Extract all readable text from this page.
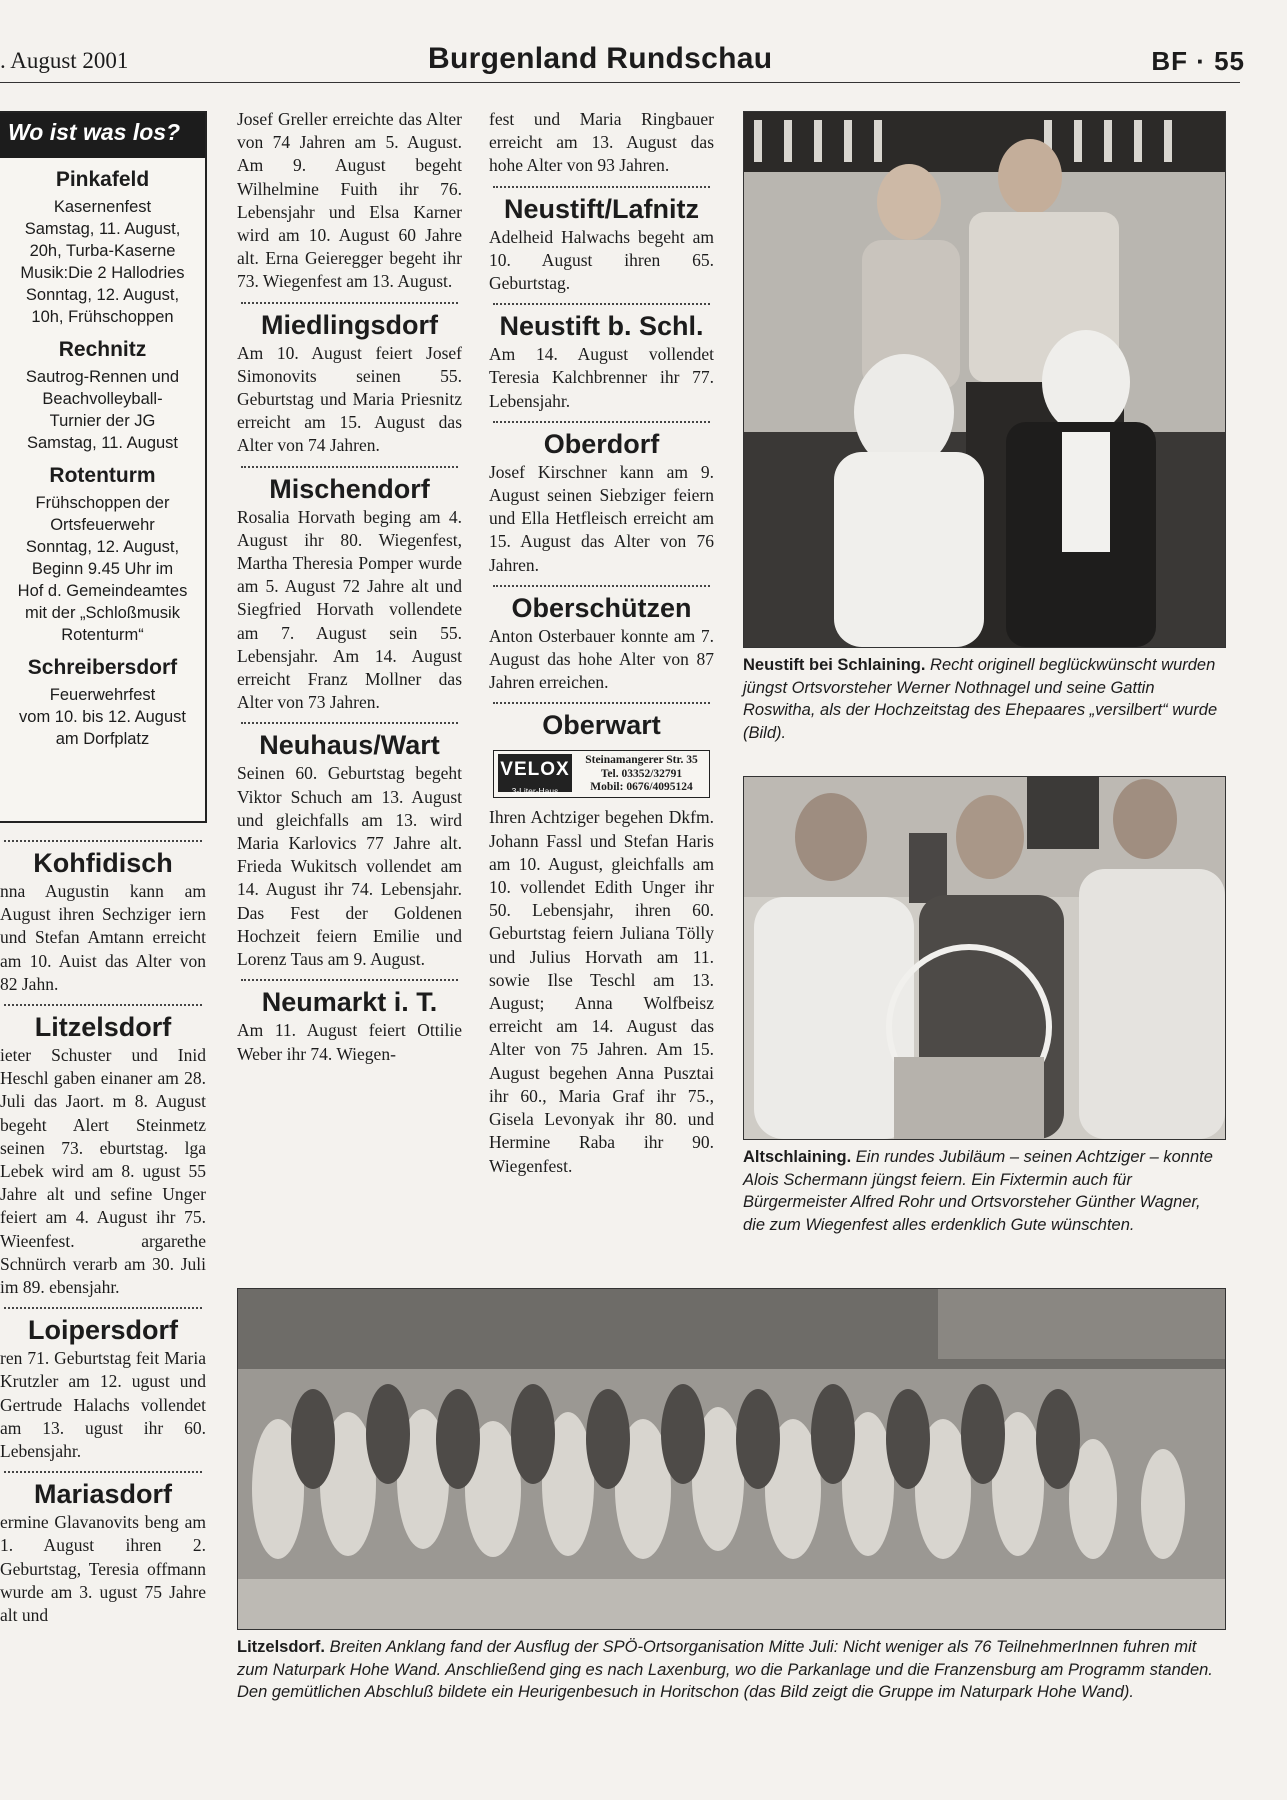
. August 2001	Burgenland Rundschau	BF · 55
Wo ist was los?
Pinkafeld
Kasernenfest
Samstag, 11. August,
20h, Turba-Kaserne
Musik:Die 2 Hallodries
Sonntag, 12. August,
10h, Frühschoppen
Rechnitz
Sautrog-Rennen und
Beachvolleyball-
Turnier der JG
Samstag, 11. August
Rotenturm
Frühschoppen der
Ortsfeuerwehr
Sonntag, 12. August,
Beginn 9.45 Uhr im
Hof d. Gemeindeamtes
mit der „Schloßmusik
Rotenturm“
Schreibersdorf
Feuerwehrfest
vom 10. bis 12. August
am Dorfplatz
Kohfidisch

nna Augustin kann am August ihren Sechziger iern und Stefan Amtann erreicht am 10. Auist das Alter von 82 Jahn.

Litzelsdorf

ieter Schuster und Inid Heschl gaben einaner am 28. Juli das Jaort. m 8. August begeht Alert Steinmetz seinen 73. eburtstag. lga Lebek wird am 8. ugust 55 Jahre alt und sefine Unger feiert am 4. August ihr 75. Wieenfest. argarethe Schnürch verarb am 30. Juli im 89. ebensjahr.

Loipersdorf

ren 71. Geburtstag feit Maria Krutzler am 12. ugust und Gertrude Halachs vollendet am 13. ugust ihr 60. Lebensjahr.

Mariasdorf

ermine Glavanovits beng am 1. August ihren 2. Geburtstag, Teresia offmann wurde am 3. ugust 75 Jahre alt und

Josef Greller erreichte das Alter von 74 Jahren am 5. August. Am 9. August begeht Wilhelmine Fuith ihr 76. Lebensjahr und Elsa Karner wird am 10. August 60 Jahre alt. Erna Geieregger begeht ihr 73. Wiegenfest am 13. August.

Miedlingsdorf

Am 10. August feiert Josef Simonovits seinen 55. Geburtstag und Maria Priesnitz erreicht am 15. August das Alter von 74 Jahren.

Mischendorf

Rosalia Horvath beging am 4. August ihr 80. Wiegenfest, Martha Theresia Pomper wurde am 5. August 72 Jahre alt und Siegfried Horvath vollendete am 7. August sein 55. Lebensjahr. Am 14. August erreicht Franz Mollner das Alter von 73 Jahren.

Neuhaus/Wart

Seinen 60. Geburtstag begeht Viktor Schuch am 13. August und gleichfalls am 13. wird Maria Karlovics 77 Jahre alt. Frieda Wukitsch vollendet am 14. August ihr 74. Lebensjahr. Das Fest der Goldenen Hochzeit feiern Emilie und Lorenz Taus am 9. August.

Neumarkt i. T.

Am 11. August feiert Ottilie Weber ihr 74. Wiegen-

fest und Maria Ringbauer erreicht am 13. August das hohe Alter von 93 Jahren.

Neustift/Lafnitz

Adelheid Halwachs begeht am 10. August ihren 65. Geburtstag.

Neustift b. Schl.

Am 14. August vollendet Teresia Kalchbrenner ihr 77. Lebensjahr.

Oberdorf

Josef Kirschner kann am 9. August seinen Siebziger feiern und Ella Hetfleisch erreicht am 15. August das Alter von 76 Jahren.

Oberschützen

Anton Osterbauer konnte am 7. August das hohe Alter von 87 Jahren erreichen.

Oberwart
VELOX
3-Liter-Haus
Steinamangerer Str. 35
Tel. 03352/32791
Mobil: 0676/4095124

Ihren Achtziger begehen Dkfm. Johann Fassl und Stefan Haris am 10. August, gleichfalls am 10. vollendet Edith Unger ihr 50. Lebensjahr, ihren 60. Geburtstag feiern Juliana Tölly und Julius Horvath am 11. sowie Ilse Teschl am 13. August; Anna Wolfbeisz erreicht am 14. August das Alter von 75 Jahren. Am 15. August begehen Anna Pusztai ihr 60., Maria Graf ihr 75., Gisela Levonyak ihr 80. und Hermine Raba ihr 90. Wiegenfest.

Neustift bei Schlaining. Recht originell beglückwünscht wurden jüngst Ortsvorsteher Werner Nothnagel und seine Gattin Roswitha, als der Hochzeitstag des Ehepaares „versilbert“ wurde (Bild).
Altschlaining. Ein rundes Jubiläum – seinen Achtziger – konnte Alois Schermann jüngst feiern. Ein Fixtermin auch für Bürgermeister Alfred Rohr und Ortsvorsteher Günther Wagner, die zum Wiegenfest alles erdenklich Gute wünschten.
Litzelsdorf. Breiten Anklang fand der Ausflug der SPÖ-Ortsorganisation Mitte Juli: Nicht weniger als 76 TeilnehmerInnen fuhren mit zum Naturpark Hohe Wand. Anschließend ging es nach Laxenburg, wo die Parkanlage und die Franzensburg am Programm standen. Den gemütlichen Abschluß bildete ein Heurigenbesuch in Horitschon (das Bild zeigt die Gruppe im Naturpark Hohe Wand).
